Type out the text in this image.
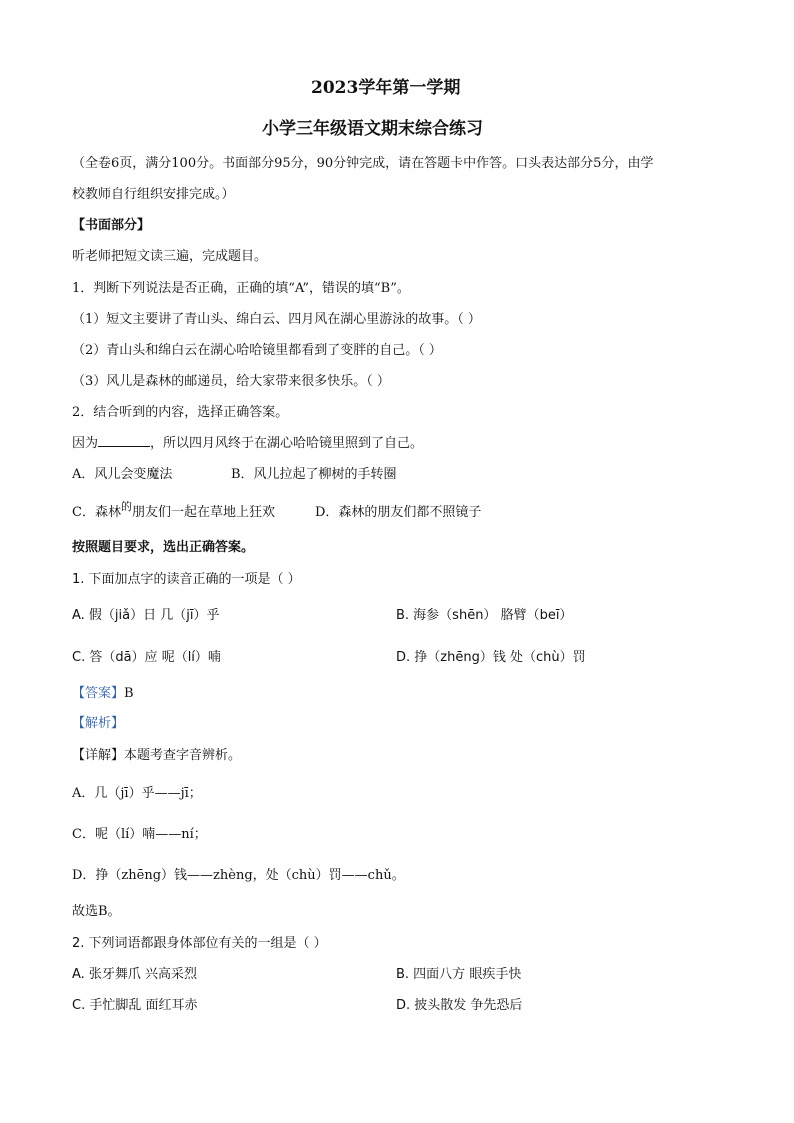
2023学年第一学期
小学三年级语文期末综合练习
（全卷6页，满分100分。书面部分95分，90分钟完成，请在答题卡中作答。口头表达部分5分，由学
校教师自行组织安排完成。）
【书面部分】
听老师把短文读三遍，完成题目。
1．判断下列说法是否正确，正确的填“A”，错误的填“B”。
（1）短文主要讲了青山头、绵白云、四月风在湖心里游泳的故事。（ ）
（2）青山头和绵白云在湖心哈哈镜里都看到了变胖的自己。（ ）
（3）风儿是森林的邮递员，给大家带来很多快乐。（ ）
2．结合听到的内容，选择正确答案。
因为	，所以四月风终于在湖心哈哈镜里照到了自己。
A．风儿会变魔法	B．风儿拉起了柳树的手转圈
C．森林$^的$朋友们一起在草地上狂欢	D．森林的朋友们都不照镜子
按照题目要求，选出正确答案。
1. 下面加点字的读音正确的一项是（ ）
A. 假（jiǎ）日 几（jī）乎	B. 海参（shēn） 胳臂（beī）
C. 答（dā）应 呢（lí）喃	D. 挣（zhēng）钱 处（chù）罚
【答案】B
【解析】
【详解】本题考查字音辨析。
A．几（jī）乎——jī；
C．呢（lí）喃——ní；
D．挣（zhēng）钱——zhèng，处（chù）罚——chǔ。
故选B。
2. 下列词语都跟身体部位有关的一组是（ ）
A. 张牙舞爪 兴高采烈	B. 四面八方 眼疾手快
C. 手忙脚乱 面红耳赤	D. 披头散发 争先恐后
